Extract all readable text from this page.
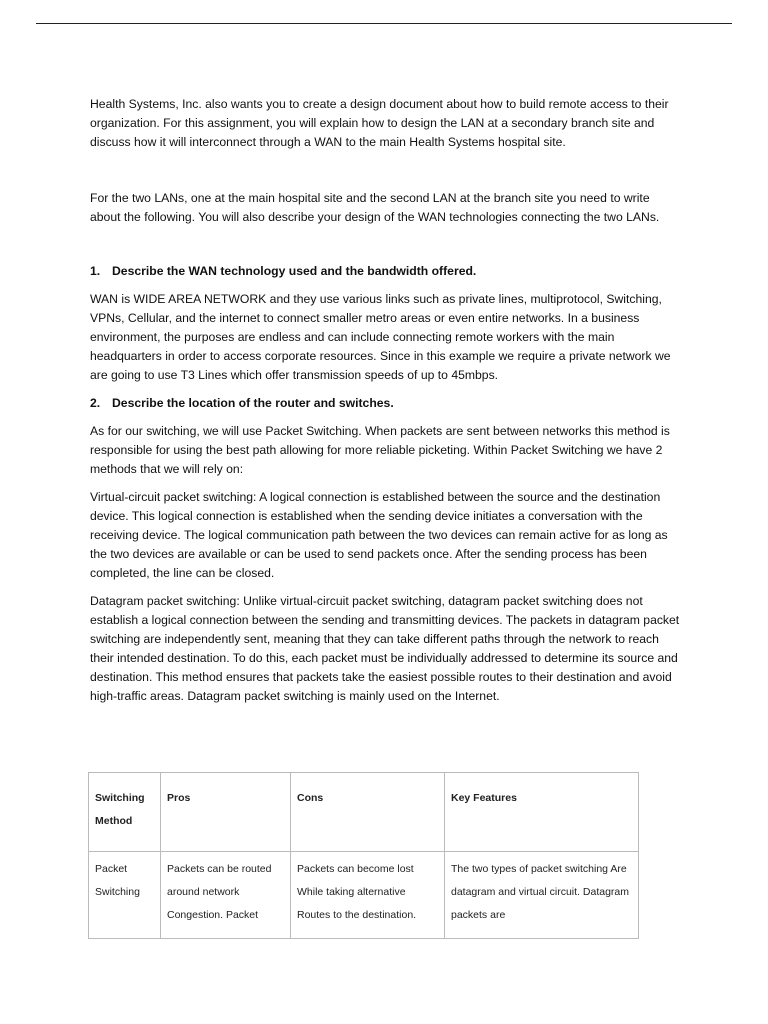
Health Systems, Inc. also wants you to create a design document about how to build remote access to their organization. For this assignment, you will explain how to design the LAN at a secondary branch site and discuss how it will interconnect through a WAN to the main Health Systems hospital site.

For the two LANs, one at the main hospital site and the second LAN at the branch site you need to write about the following. You will also describe your design of the WAN technologies connecting the two LANs.

1. Describe the WAN technology used and the bandwidth offered.

WAN is WIDE AREA NETWORK and they use various links such as private lines, multiprotocol, Switching, VPNs, Cellular, and the internet to connect smaller metro areas or even entire networks. In a business environment, the purposes are endless and can include connecting remote workers with the main headquarters in order to access corporate resources. Since in this example we require a private network we are going to use T3 Lines which offer transmission speeds of up to 45mbps.

2. Describe the location of the router and switches.

As for our switching, we will use Packet Switching. When packets are sent between networks this method is responsible for using the best path allowing for more reliable picketing. Within Packet Switching we have 2 methods that we will rely on:

Virtual-circuit packet switching: A logical connection is established between the source and the destination device. This logical connection is established when the sending device initiates a conversation with the receiving device. The logical communication path between the two devices can remain active for as long as the two devices are available or can be used to send packets once. After the sending process has been completed, the line can be closed.

Datagram packet switching: Unlike virtual-circuit packet switching, datagram packet switching does not establish a logical connection between the sending and transmitting devices. The packets in datagram packet switching are independently sent, meaning that they can take different paths through the network to reach their intended destination. To do this, each packet must be individually addressed to determine its source and destination. This method ensures that packets take the easiest possible routes to their destination and avoid high-traffic areas. Datagram packet switching is mainly used on the Internet.

Switching Method	Pros	Cons	Key Features
Packet Switching	Packets can be routed around network Congestion. Packet	Packets can become lost While taking alternative Routes to the destination.	The two types of packet switching Are datagram and virtual circuit. Datagram packets are
